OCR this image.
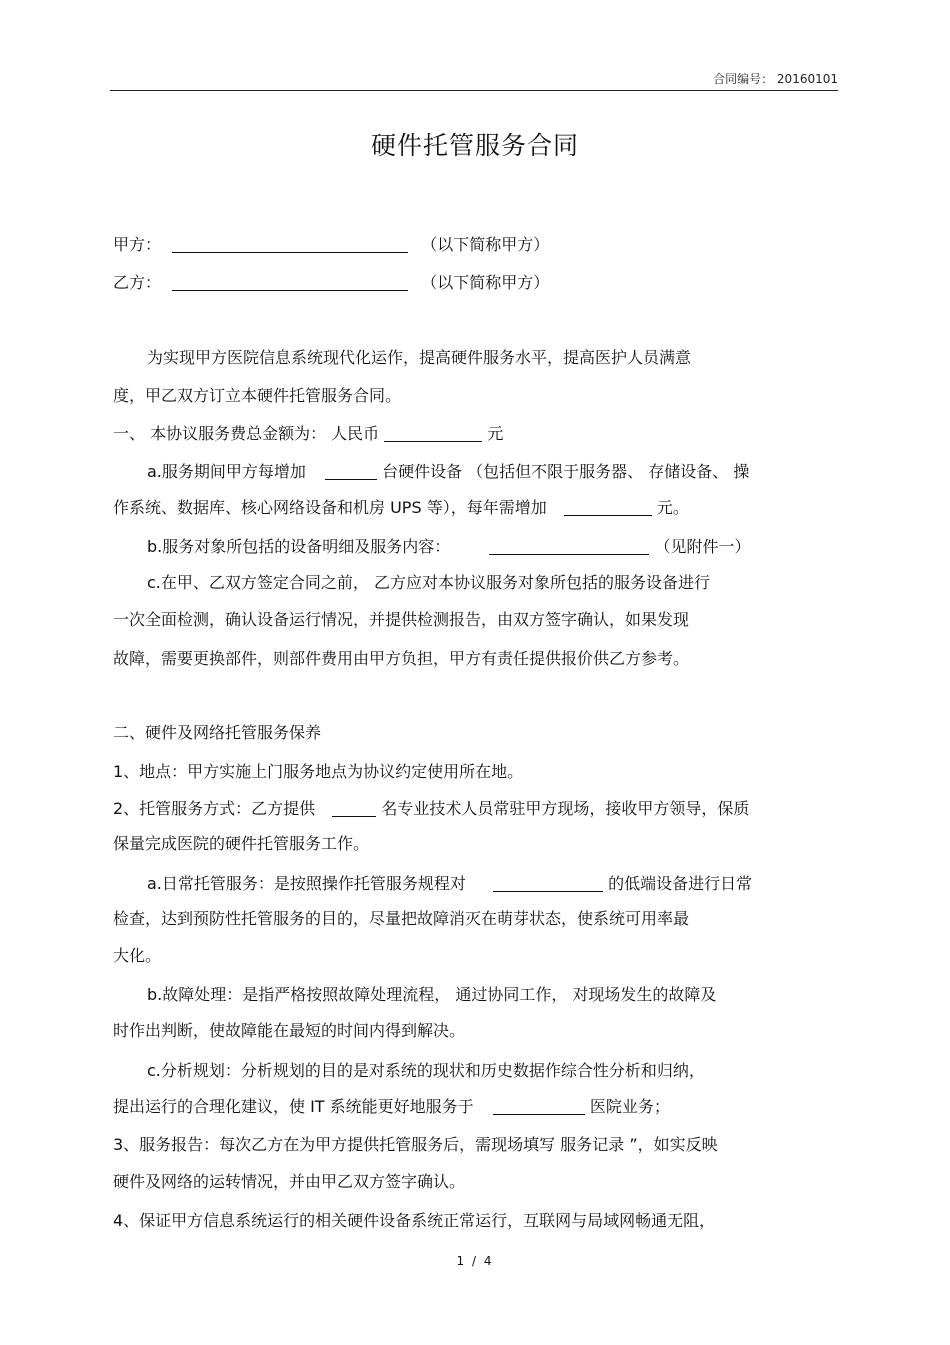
合同编号： 20160101
硬件托管服务合同
甲方：	（以下简称甲方）
乙方：	（以下简称甲方）
为实现甲方医院信息系统现代化运作，提高硬件服务水平，提高医护人员满意
度，甲乙双方订立本硬件托管服务合同。
一、 本协议服务费总金额为： 人民币	元
a.服务期间甲方每增加	台硬件设备 （包括但不限于服务器、 存储设备、 操
作系统、数据库、核心网络设备和机房 UPS 等），每年需增加	元。
b.服务对象所包括的设备明细及服务内容：	（见附件一）
c.在甲、乙双方签定合同之前， 乙方应对本协议服务对象所包括的服务设备进行
一次全面检测，确认设备运行情况，并提供检测报告，由双方签字确认，如果发现
故障，需要更换部件，则部件费用由甲方负担，甲方有责任提供报价供乙方参考。
二、硬件及网络托管服务保养
1、地点：甲方实施上门服务地点为协议约定使用所在地。
2、托管服务方式：乙方提供	名专业技术人员常驻甲方现场，接收甲方领导，保质
保量完成医院的硬件托管服务工作。
a.日常托管服务：是按照操作托管服务规程对	的低端设备进行日常
检查，达到预防性托管服务的目的，尽量把故障消灭在萌芽状态，使系统可用率最
大化。
b.故障处理：是指严格按照故障处理流程， 通过协同工作， 对现场发生的故障及
时作出判断，使故障能在最短的时间内得到解决。
c.分析规划：分析规划的目的是对系统的现状和历史数据作综合性分析和归纳，
提出运行的合理化建议，使 IT 系统能更好地服务于	医院业务；
3、服务报告：每次乙方在为甲方提供托管服务后，需现场填写 服务记录 ”，如实反映
硬件及网络的运转情况，并由甲乙双方签字确认。
4、保证甲方信息系统运行的相关硬件设备系统正常运行，互联网与局域网畅通无阻，
1 / 4
